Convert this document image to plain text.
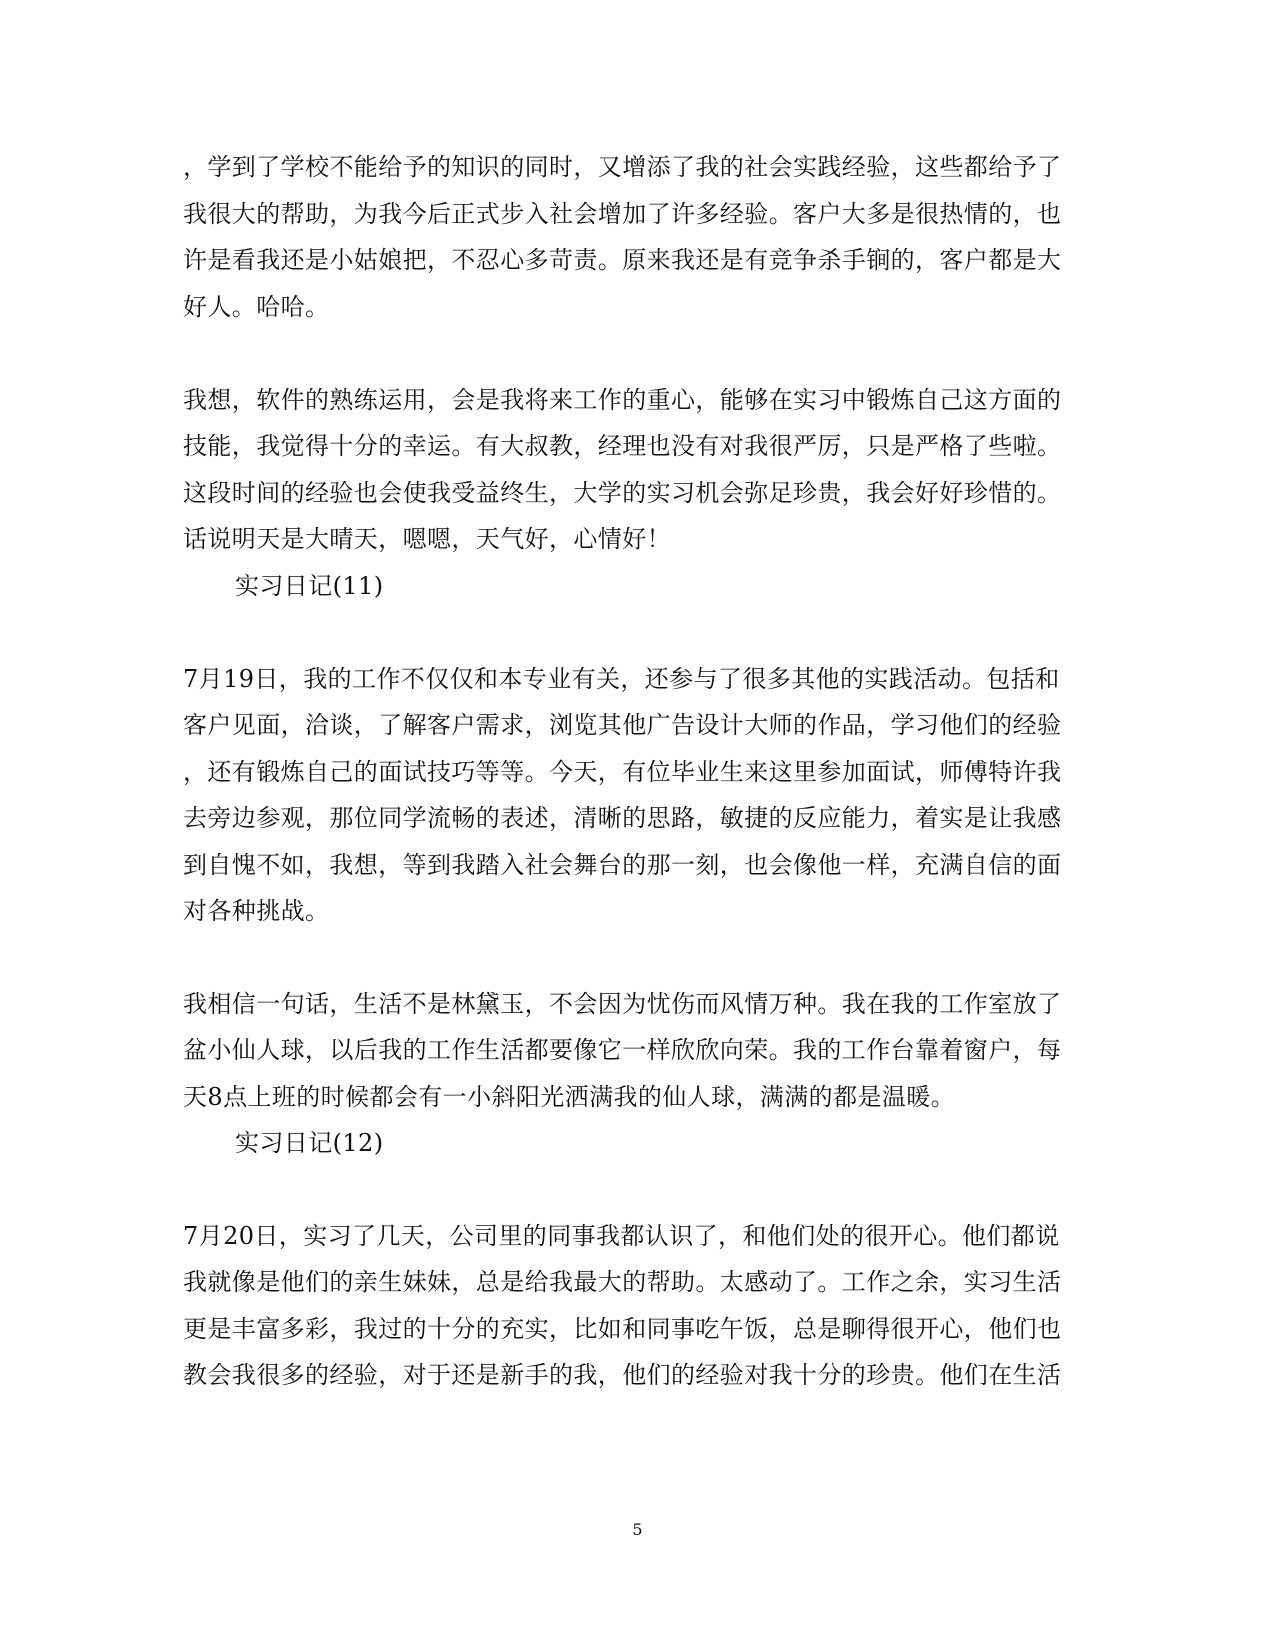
，学到了学校不能给予的知识的同时，又增添了我的社会实践经验，这些都给予了
我很大的帮助，为我今后正式步入社会增加了许多经验。客户大多是很热情的，也
许是看我还是小姑娘把，不忍心多苛责。原来我还是有竞争杀手锏的，客户都是大
好人。哈哈。
我想，软件的熟练运用，会是我将来工作的重心，能够在实习中锻炼自己这方面的
技能，我觉得十分的幸运。有大叔教，经理也没有对我很严厉，只是严格了些啦。
这段时间的经验也会使我受益终生，大学的实习机会弥足珍贵，我会好好珍惜的。
话说明天是大晴天，嗯嗯，天气好，心情好！
实习日记(11)
7月19日，我的工作不仅仅和本专业有关，还参与了很多其他的实践活动。包括和
客户见面，洽谈，了解客户需求，浏览其他广告设计大师的作品，学习他们的经验
，还有锻炼自己的面试技巧等等。今天，有位毕业生来这里参加面试，师傅特许我
去旁边参观，那位同学流畅的表述，清晰的思路，敏捷的反应能力，着实是让我感
到自愧不如，我想，等到我踏入社会舞台的那一刻，也会像他一样，充满自信的面
对各种挑战。
我相信一句话，生活不是林黛玉，不会因为忧伤而风情万种。我在我的工作室放了
盆小仙人球，以后我的工作生活都要像它一样欣欣向荣。我的工作台靠着窗户，每
天8点上班的时候都会有一小斜阳光洒满我的仙人球，满满的都是温暖。
实习日记(12)
7月20日，实习了几天，公司里的同事我都认识了，和他们处的很开心。他们都说
我就像是他们的亲生妹妹，总是给我最大的帮助。太感动了。工作之余，实习生活
更是丰富多彩，我过的十分的充实，比如和同事吃午饭，总是聊得很开心，他们也
教会我很多的经验，对于还是新手的我，他们的经验对我十分的珍贵。他们在生活
5
